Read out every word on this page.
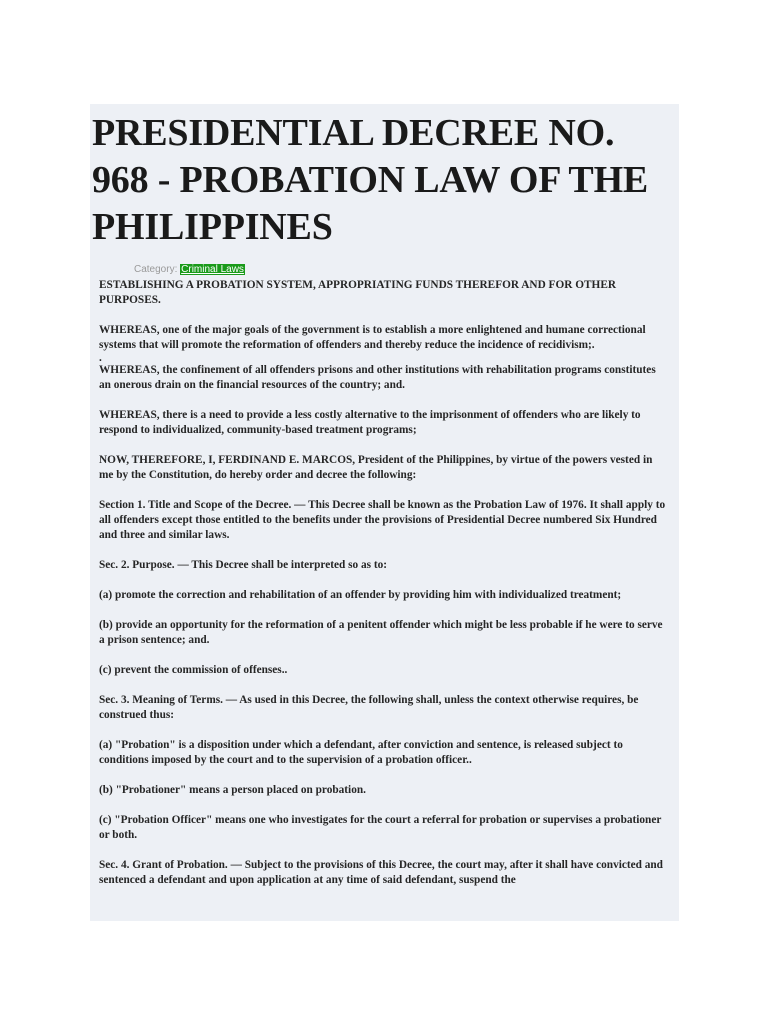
PRESIDENTIAL DECREE NO. 968 - PROBATION LAW OF THE PHILIPPINES
Category: Criminal Laws

ESTABLISHING A PROBATION SYSTEM, APPROPRIATING FUNDS THEREFOR AND FOR OTHER PURPOSES.

WHEREAS, one of the major goals of the government is to establish a more enlightened and humane correctional systems that will promote the reformation of offenders and thereby reduce the incidence of recidivism;.

.

WHEREAS, the confinement of all offenders prisons and other institutions with rehabilitation programs constitutes an onerous drain on the financial resources of the country; and.

WHEREAS, there is a need to provide a less costly alternative to the imprisonment of offenders who are likely to respond to individualized, community-based treatment programs;

NOW, THEREFORE, I, FERDINAND E. MARCOS, President of the Philippines, by virtue of the powers vested in me by the Constitution, do hereby order and decree the following:

Section 1. Title and Scope of the Decree. — This Decree shall be known as the Probation Law of 1976. It shall apply to all offenders except those entitled to the benefits under the provisions of Presidential Decree numbered Six Hundred and three and similar laws.

Sec. 2. Purpose. — This Decree shall be interpreted so as to:

(a) promote the correction and rehabilitation of an offender by providing him with individualized treatment;

(b) provide an opportunity for the reformation of a penitent offender which might be less probable if he were to serve a prison sentence; and.

(c) prevent the commission of offenses..

Sec. 3. Meaning of Terms. — As used in this Decree, the following shall, unless the context otherwise requires, be construed thus:

(a) "Probation" is a disposition under which a defendant, after conviction and sentence, is released subject to conditions imposed by the court and to the supervision of a probation officer..

(b) "Probationer" means a person placed on probation.

(c) "Probation Officer" means one who investigates for the court a referral for probation or supervises a probationer or both.

Sec. 4. Grant of Probation. — Subject to the provisions of this Decree, the court may, after it shall have convicted and sentenced a defendant and upon application at any time of said defendant, suspend the
